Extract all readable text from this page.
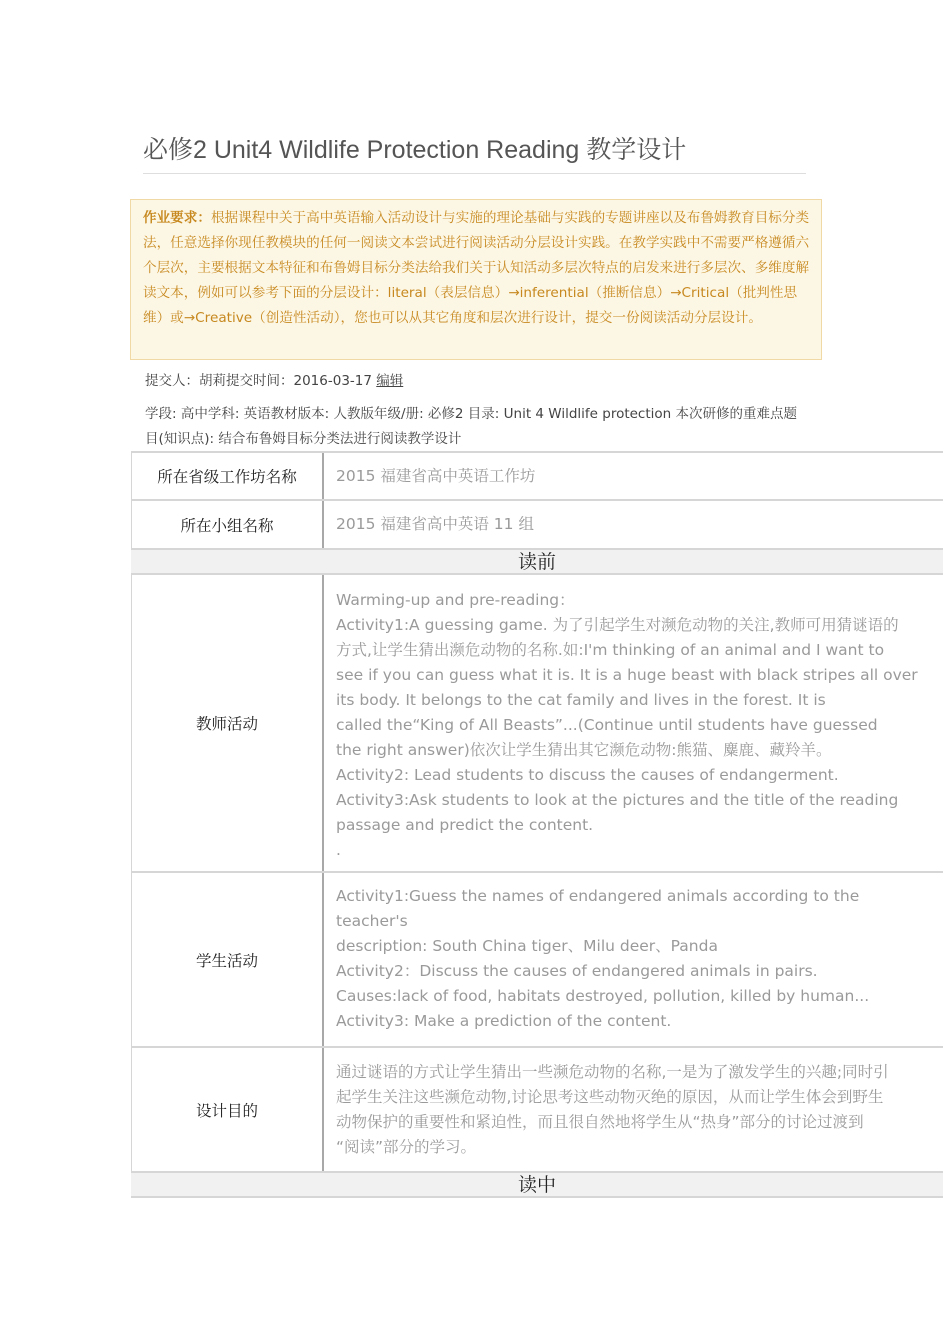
必修2 Unit4 Wildlife Protection Reading 教学设计
作业要求：根据课程中关于高中英语输入活动设计与实施的理论基础与实践的专题讲座以及布鲁姆教育目标分类法，任意选择你现任教模块的任何一阅读文本尝试进行阅读活动分层设计实践。在教学实践中不需要严格遵循六个层次，主要根据文本特征和布鲁姆目标分类法给我们关于认知活动多层次特点的启发来进行多层次、多维度解读文本，例如可以参考下面的分层设计：literal（表层信息）→inferential（推断信息）→Critical（批判性思维）或→Creative（创造性活动），您也可以从其它角度和层次进行设计，提交一份阅读活动分层设计。
提交人：胡莉提交时间：2016-03-17 编辑
学段: 高中学科: 英语教材版本: 人教版年级/册: 必修2 目录: Unit 4 Wildlife protection 本次研修的重难点题目(知识点): 结合布鲁姆目标分类法进行阅读教学设计
所在省级工作坊名称	2015 福建省高中英语工作坊
所在小组名称	2015 福建省高中英语 11 组
读前
教师活动
Warming-up and pre-reading：
Activity1:A guessing game. 为了引起学生对濒危动物的关注,教师可用猜谜语的
方式,让学生猜出濒危动物的名称.如:I'm thinking of an animal and I want to
see if you can guess what it is. It is a huge beast with black stripes all over
its body. It belongs to the cat family and lives in the forest. It is
called the“King of All Beasts”...(Continue until students have guessed
the right answer)依次让学生猜出其它濒危动物:熊猫、麋鹿、藏羚羊。
Activity2: Lead students to discuss the causes of endangerment.
Activity3:Ask students to look at the pictures and the title of the reading
passage and predict the content.
.
学生活动
Activity1:Guess the names of endangered animals according to the
teacher's
description: South China tiger、Milu deer、Panda
Activity2：Discuss the causes of endangered animals in pairs.
Causes:lack of food, habitats destroyed, pollution, killed by human...
Activity3: Make a prediction of the content.
设计目的
通过谜语的方式让学生猜出一些濒危动物的名称,一是为了激发学生的兴趣;同时引
起学生关注这些濒危动物,讨论思考这些动物灭绝的原因，从而让学生体会到野生
动物保护的重要性和紧迫性，而且很自然地将学生从“热身”部分的讨论过渡到
“阅读”部分的学习。
读中
